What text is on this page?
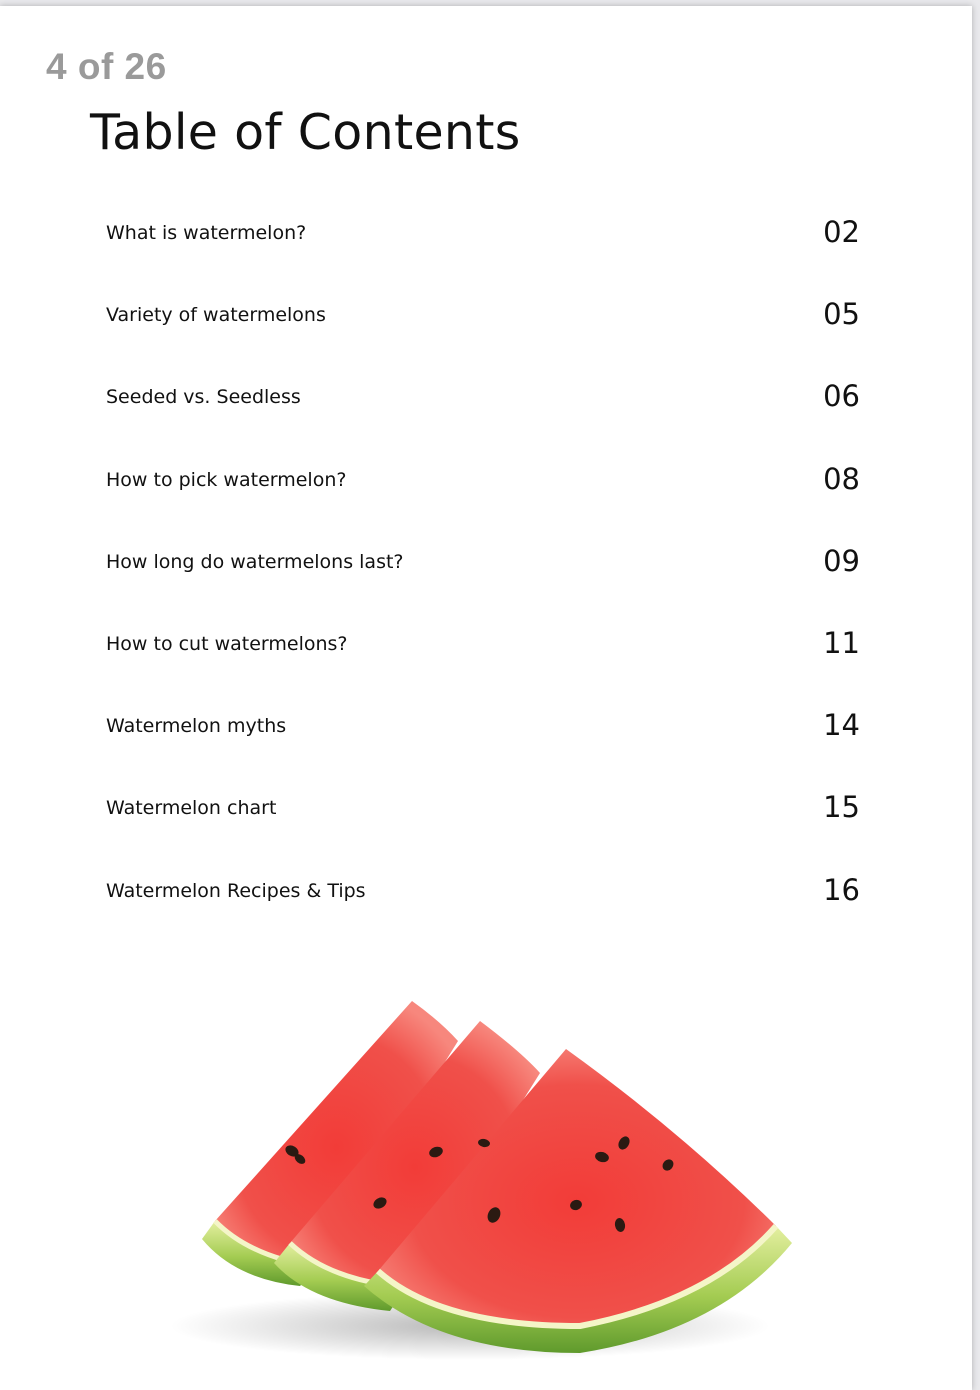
4 of 26
Table of Contents
What is watermelon?	02
Variety of watermelons	05
Seeded vs. Seedless	06
How to pick watermelon?	08
How long do watermelons last?	09
How to cut watermelons?	11
Watermelon myths	14
Watermelon chart	15
Watermelon Recipes & Tips	16
